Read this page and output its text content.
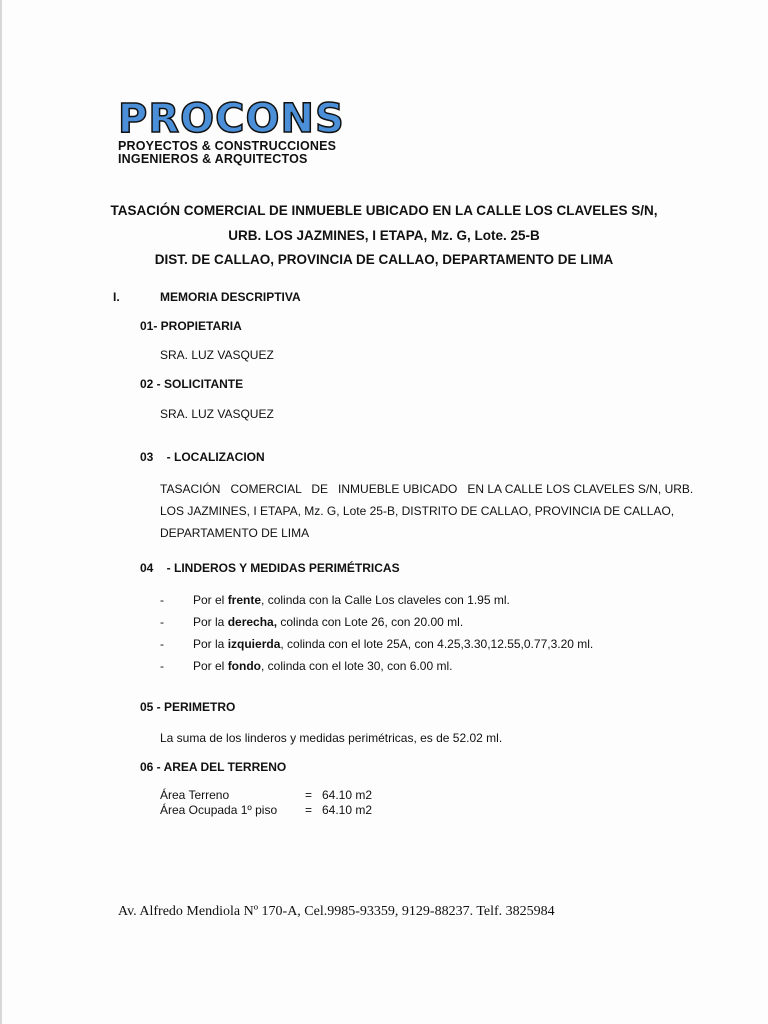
PROCONS
PROYECTOS & CONSTRUCCIONES
INGENIEROS & ARQUITECTOS
TASACIÓN COMERCIAL DE INMUEBLE UBICADO EN LA CALLE LOS CLAVELES S/N,
URB. LOS JAZMINES, I ETAPA, Mz. G, Lote. 25-B
DIST. DE CALLAO, PROVINCIA DE CALLAO, DEPARTAMENTO DE LIMA
I.	MEMORIA DESCRIPTIVA
01- PROPIETARIA
SRA. LUZ VASQUEZ
02 - SOLICITANTE
SRA. LUZ VASQUEZ
03    - LOCALIZACION
TASACIÓN   COMERCIAL   DE   INMUEBLE UBICADO   EN LA CALLE LOS CLAVELES S/N, URB.
LOS JAZMINES, I ETAPA, Mz. G, Lote 25-B, DISTRITO DE CALLAO, PROVINCIA DE CALLAO,
DEPARTAMENTO DE LIMA
04    - LINDEROS Y MEDIDAS PERIMÉTRICAS
- Por el frente, colinda con la Calle Los claveles con 1.95 ml.
- Por la derecha, colinda con Lote 26, con 20.00 ml.
- Por la izquierda, colinda con el lote 25A, con 4.25,3.30,12.55,0.77,3.20 ml.
- Por el fondo, colinda con el lote 30, con 6.00 ml.
05 - PERIMETRO
La suma de los linderos y medidas perimétricas, es de 52.02 ml.
06 - AREA DEL TERRENO
Área Terreno	= 64.10 m2
Área Ocupada 1º piso = 64.10 m2
Av. Alfredo Mendiola Nº 170-A, Cel.9985-93359, 9129-88237. Telf. 3825984
